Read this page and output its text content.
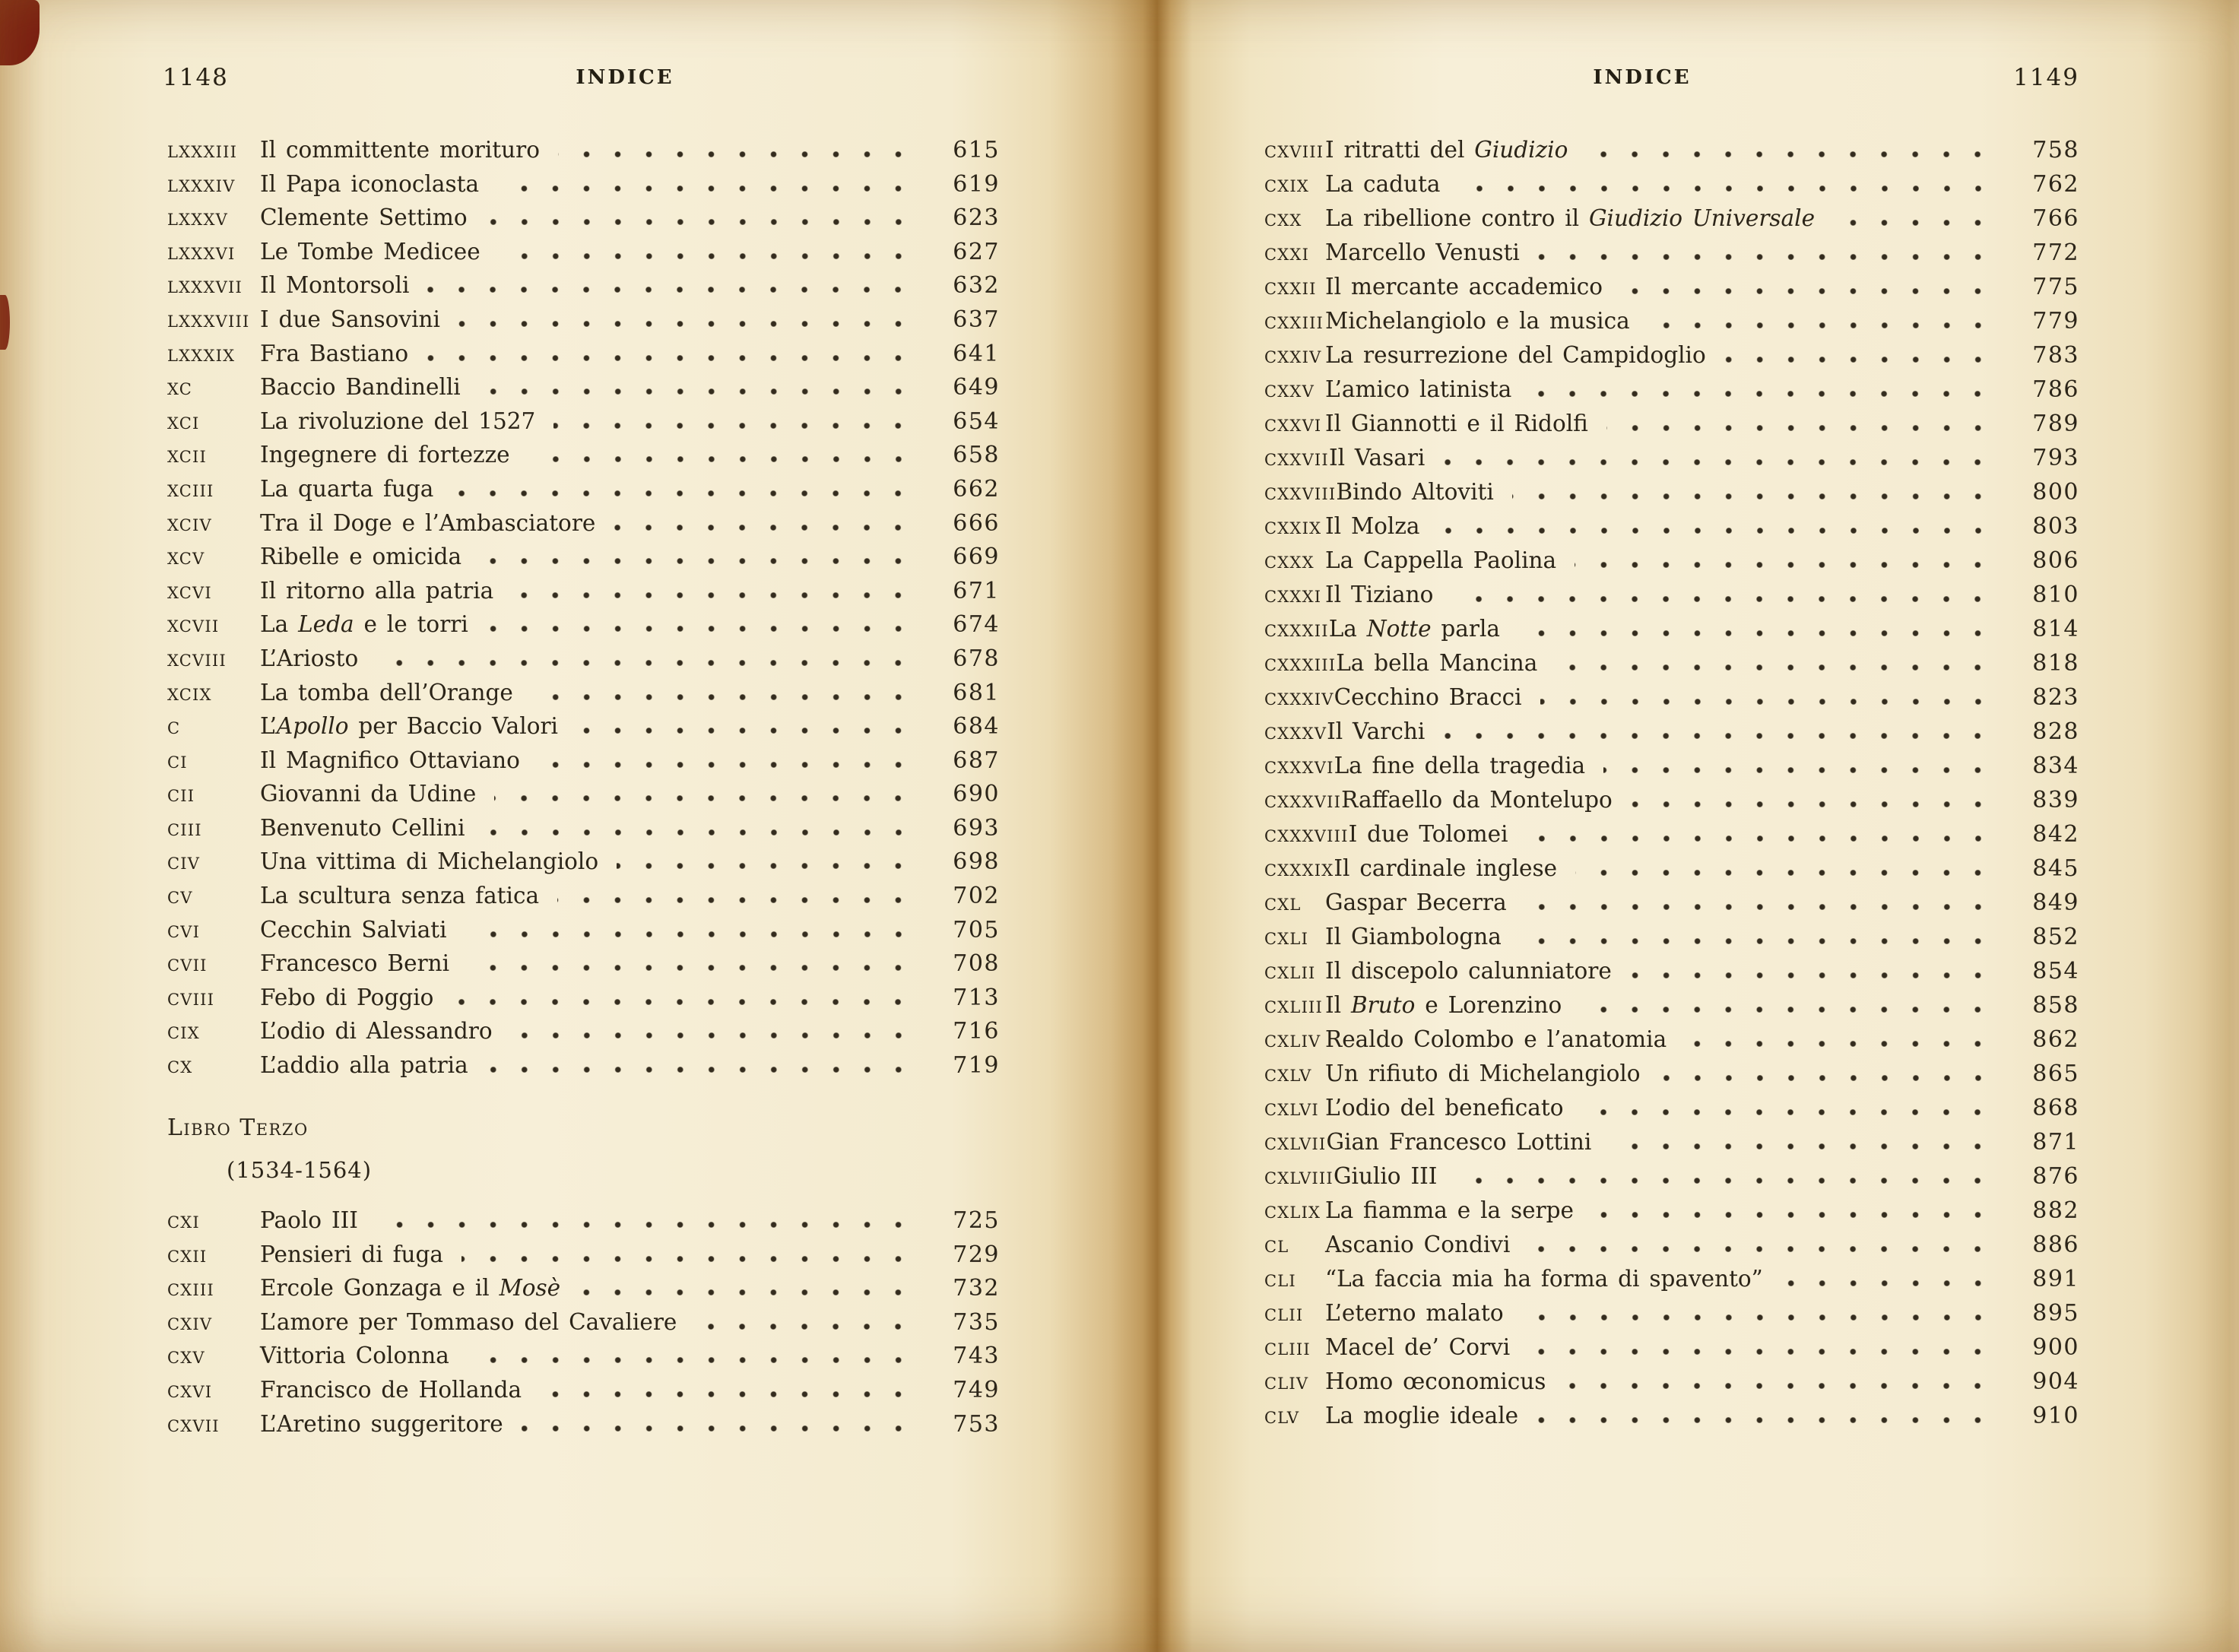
1148	INDICE
LXXXIII	Il committente morituro	615
LXXXIV	Il Papa iconoclasta	619
LXXXV	Clemente Settimo	623
LXXXVI	Le Tombe Medicee	627
LXXXVII Il Montorsoli	632
LXXXVIII I due Sansovini	637
LXXXIX	Fra Bastiano	641
XC	Baccio Bandinelli	649
XCI	La rivoluzione del 1527	654
XCII	Ingegnere di fortezze	658
XCIII	La quarta fuga	662
XCIV	Tra il Doge e l’Ambasciatore	666
XCV	Ribelle e omicida	669
XCVI	Il ritorno alla patria	671
XCVII	La Leda e le torri	674
XCVIII	L’Ariosto	678
XCIX	La tomba dell’Orange	681
C	L’Apollo per Baccio Valori	684
CI	Il Magnifico Ottaviano	687
CII	Giovanni da Udine	690
CIII	Benvenuto Cellini	693
CIV	Una vittima di Michelangiolo	698
CV	La scultura senza fatica	702
CVI	Cecchin Salviati	705
CVII	Francesco Berni	708
CVIII	Febo di Poggio	713
CIX	L’odio di Alessandro	716
CX	L’addio alla patria	719
Libro Terzo
(1534-1564)
CXI	Paolo III	725
CXII	Pensieri di fuga	729
CXIII	Ercole Gonzaga e il Mosè	732
CXIV	L’amore per Tommaso del Cavaliere	735
CXV	Vittoria Colonna	743
CXVI	Francisco de Hollanda	749
CXVII	L’Aretino suggeritore	753
INDICE	1149
CXVIII I ritratti del Giudizio	758
CXIX La caduta	762
CXX	La ribellione contro il Giudizio Universale	766
CXXI Marcello Venusti	772
CXXII Il mercante accademico	775
CXXIII Michelangiolo e la musica	779
CXXIV La resurrezione del Campidoglio	783
CXXV L’amico latinista	786
CXXVI Il Giannotti e il Ridolfi	789
CXXVII Il Vasari	793
CXXVIII Bindo Altoviti	800
CXXIX Il Molza	803
CXXX La Cappella Paolina	806
CXXXI Il Tiziano	810
CXXXII La Notte parla	814
CXXXIII La bella Mancina	818
CXXXIV Cecchino Bracci	823
CXXXV Il Varchi	828
CXXXVI La fine della tragedia	834
CXXXVII Raffaello da Montelupo	839
CXXXVIII I due Tolomei	842
CXXXIX Il cardinale inglese	845
CXL	Gaspar Becerra	849
CXLI Il Giambologna	852
CXLII Il discepolo calunniatore	854
CXLIII Il Bruto e Lorenzino	858
CXLIV Realdo Colombo e l’anatomia	862
CXLV Un rifiuto di Michelangiolo	865
CXLVI L’odio del beneficato	868
CXLVII Gian Francesco Lottini	871
CXLVIII Giulio III	876
CXLIX La fiamma e la serpe	882
CL	Ascanio Condivi	886
CLI	“La faccia mia ha forma di spavento”	891
CLII L’eterno malato	895
CLIII Macel de’ Corvi	900
CLIV Homo œconomicus	904
CLV	La moglie ideale	910
